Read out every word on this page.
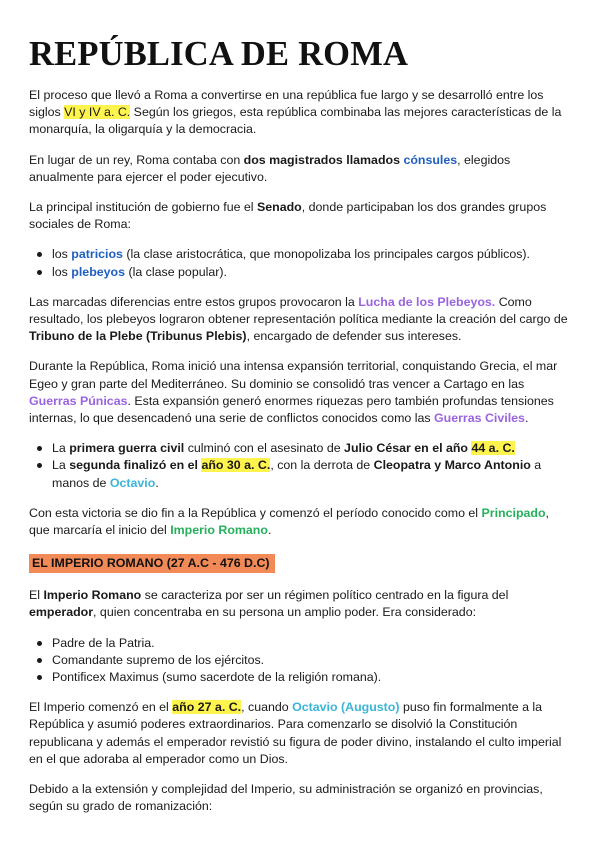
REPÚBLICA DE ROMA

El proceso que llevó a Roma a convertirse en una república fue largo y se desarrolló entre los siglos VI y IV a. C. Según los griegos, esta república combinaba las mejores características de la monarquía, la oligarquía y la democracia.

En lugar de un rey, Roma contaba con dos magistrados llamados cónsules, elegidos anualmente para ejercer el poder ejecutivo.

La principal institución de gobierno fue el Senado, donde participaban los dos grandes grupos sociales de Roma:

los patricios (la clase aristocrática, que monopolizaba los principales cargos públicos).
los plebeyos (la clase popular).

Las marcadas diferencias entre estos grupos provocaron la Lucha de los Plebeyos. Como resultado, los plebeyos lograron obtener representación política mediante la creación del cargo de Tribuno de la Plebe (Tribunus Plebis), encargado de defender sus intereses.

Durante la República, Roma inició una intensa expansión territorial, conquistando Grecia, el mar Egeo y gran parte del Mediterráneo. Su dominio se consolidó tras vencer a Cartago en las Guerras Púnicas. Esta expansión generó enormes riquezas pero también profundas tensiones internas, lo que desencadenó una serie de conflictos conocidos como las Guerras Civiles.

La primera guerra civil culminó con el asesinato de Julio César en el año 44 a. C.
La segunda finalizó en el año 30 a. C., con la derrota de Cleopatra y Marco Antonio a manos de Octavio.

Con esta victoria se dio fin a la República y comenzó el período conocido como el Principado, que marcaría el inicio del Imperio Romano.

EL IMPERIO ROMANO (27 A.C - 476 D.C)

El Imperio Romano se caracteriza por ser un régimen político centrado en la figura del emperador, quien concentraba en su persona un amplio poder. Era considerado:

Padre de la Patria.
Comandante supremo de los ejércitos.
Pontificex Maximus (sumo sacerdote de la religión romana).

El Imperio comenzó en el año 27 a. C., cuando Octavio (Augusto) puso fin formalmente a la República y asumió poderes extraordinarios. Para comenzarlo se disolvió la Constitución republicana y además el emperador revistió su figura de poder divino, instalando el culto imperial en el que adoraba al emperador como un Dios.

Debido a la extensión y complejidad del Imperio, su administración se organizó en provincias, según su grado de romanización:
